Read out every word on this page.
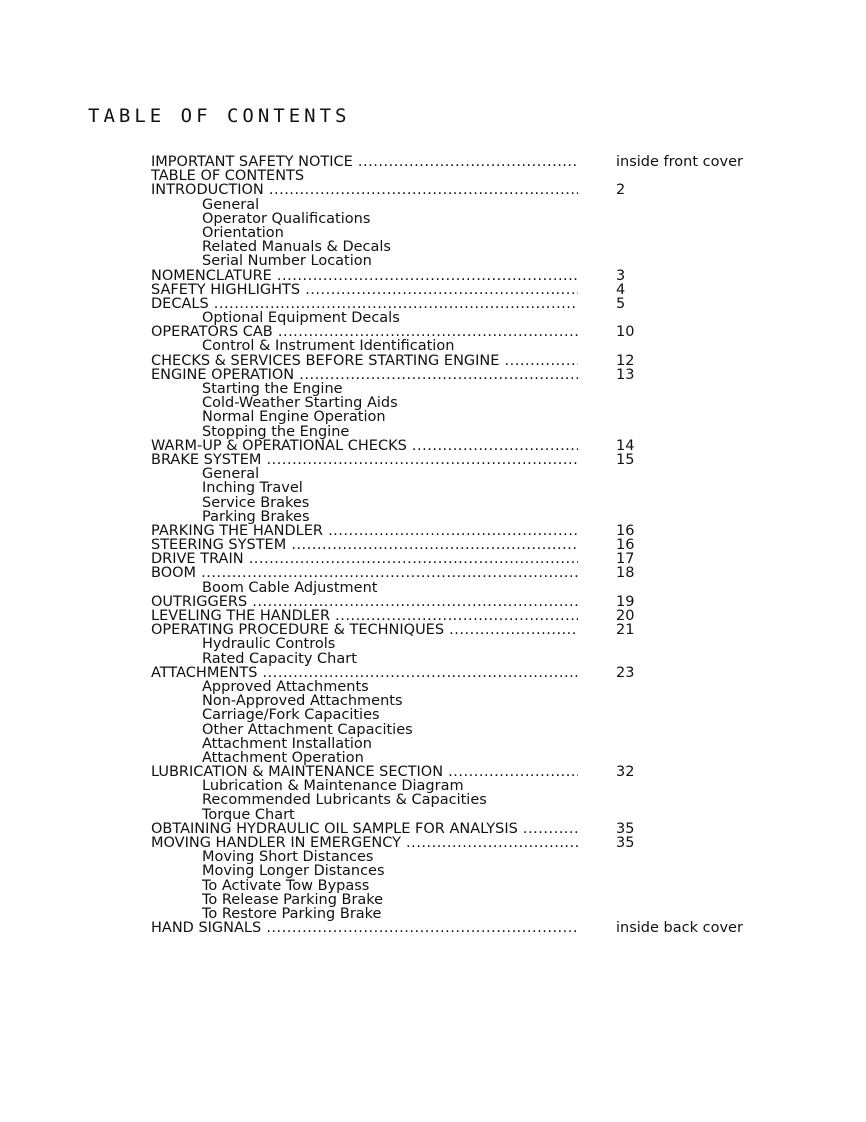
TABLE OF CONTENTS
IMPORTANT SAFETY NOTICE .....	inside front cover
TABLE OF CONTENTS
INTRODUCTION .....	2
General
Operator Qualifications
Orientation
Related Manuals & Decals
Serial Number Location
NOMENCLATURE .....	3
SAFETY HIGHLIGHTS .....	4
DECALS .....	5
Optional Equipment Decals
OPERATORS CAB .....	10
Control & Instrument Identification
CHECKS & SERVICES BEFORE STARTING ENGINE .....	12
ENGINE OPERATION .....	13
Starting the Engine
Cold-Weather Starting Aids
Normal Engine Operation
Stopping the Engine
WARM-UP & OPERATIONAL CHECKS .....	14
BRAKE SYSTEM .....	15
General
Inching Travel
Service Brakes
Parking Brakes
PARKING THE HANDLER .....	16
STEERING SYSTEM .....	16
DRIVE TRAIN .....	17
BOOM .....	18
Boom Cable Adjustment
OUTRIGGERS .....	19
LEVELING THE HANDLER .....	20
OPERATING PROCEDURE & TECHNIQUES .....	21
Hydraulic Controls
Rated Capacity Chart
ATTACHMENTS .....	23
Approved Attachments
Non-Approved Attachments
Carriage/Fork Capacities
Other Attachment Capacities
Attachment Installation
Attachment Operation
LUBRICATION & MAINTENANCE SECTION .....	32
Lubrication & Maintenance Diagram
Recommended Lubricants & Capacities
Torque Chart
OBTAINING HYDRAULIC OIL SAMPLE FOR ANALYSIS .....	35
MOVING HANDLER IN EMERGENCY .....	35
Moving Short Distances
Moving Longer Distances
To Activate Tow Bypass
To Release Parking Brake
To Restore Parking Brake
HAND SIGNALS .....	inside back cover
